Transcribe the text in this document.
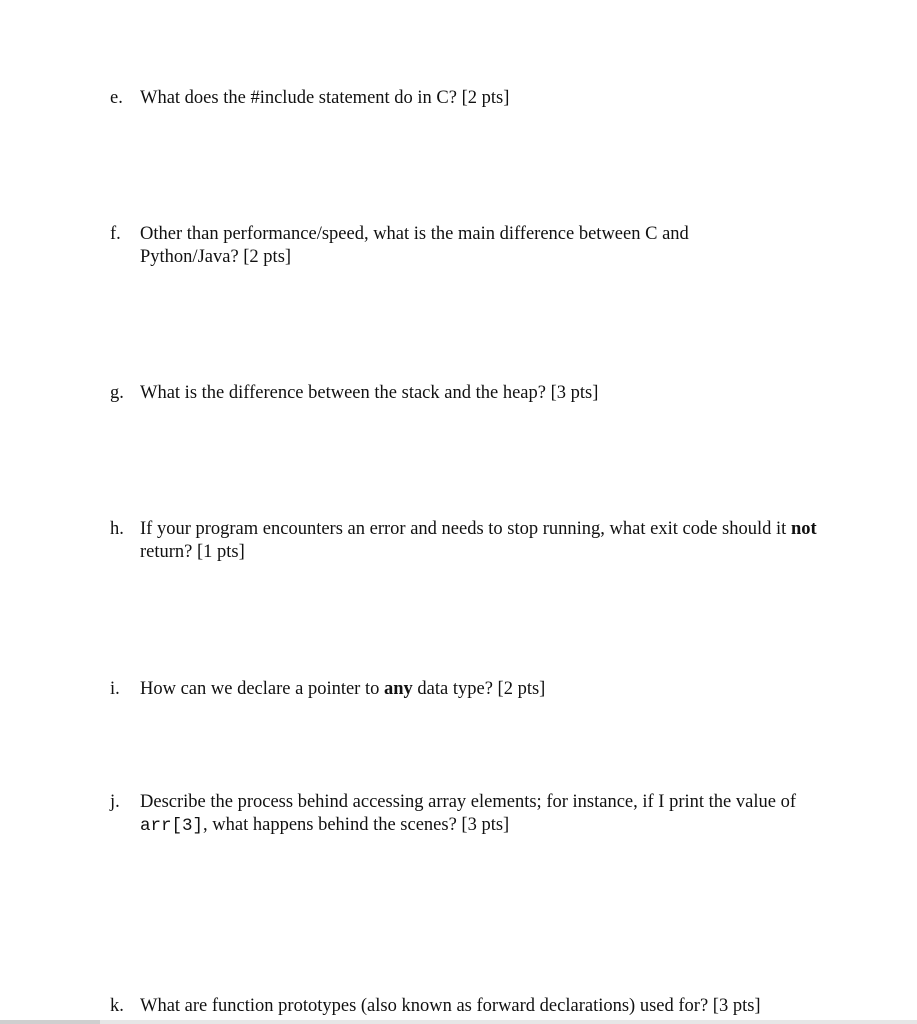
e. What does the #include statement do in C? [2 pts]
f.	Other than performance/speed, what is the main difference between C and Python/Java? [2 pts]
g. What is the difference between the stack and the heap? [3 pts]
h. If your program encounters an error and needs to stop running, what exit code should it not return? [1 pts]
i.	How can we declare a pointer to any data type? [2 pts]
j.	Describe the process behind accessing array elements; for instance, if I print the value of arr[3], what happens behind the scenes? [3 pts]
k. What are function prototypes (also known as forward declarations) used for? [3 pts]
